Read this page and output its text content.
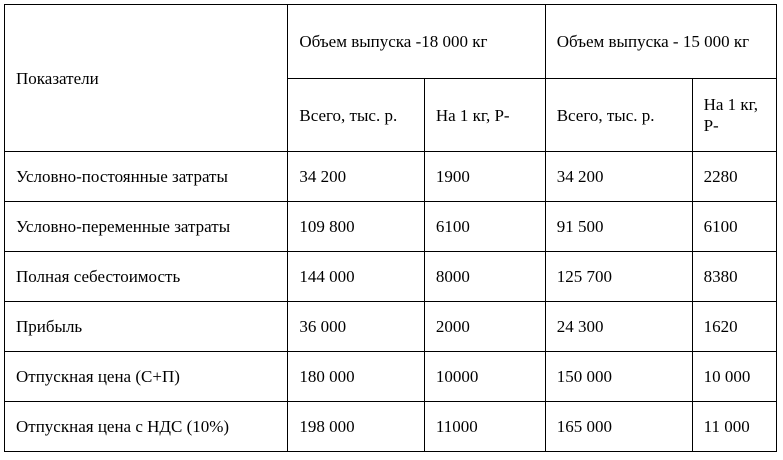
Показатели	Объем выпуска -18 000 кг		Объем выпуска - 15 000 кг	
	Всего, тыс. р.	На 1 кг, Р-	Всего, тыс. р.	На 1 кг, Р-
Условно-постоянные затраты	34 200	1900	34 200	2280
Условно-переменные затраты	109 800	6100	91 500	6100
Полная себестоимость	144 000	8000	125 700	8380
Прибыль	36 000	2000	24 300	1620
Отпускная цена (С+П)	180 000	10000	150 000	10 000
Отпускная цена с НДС (10%)	198 000	11000	165 000	11 000
